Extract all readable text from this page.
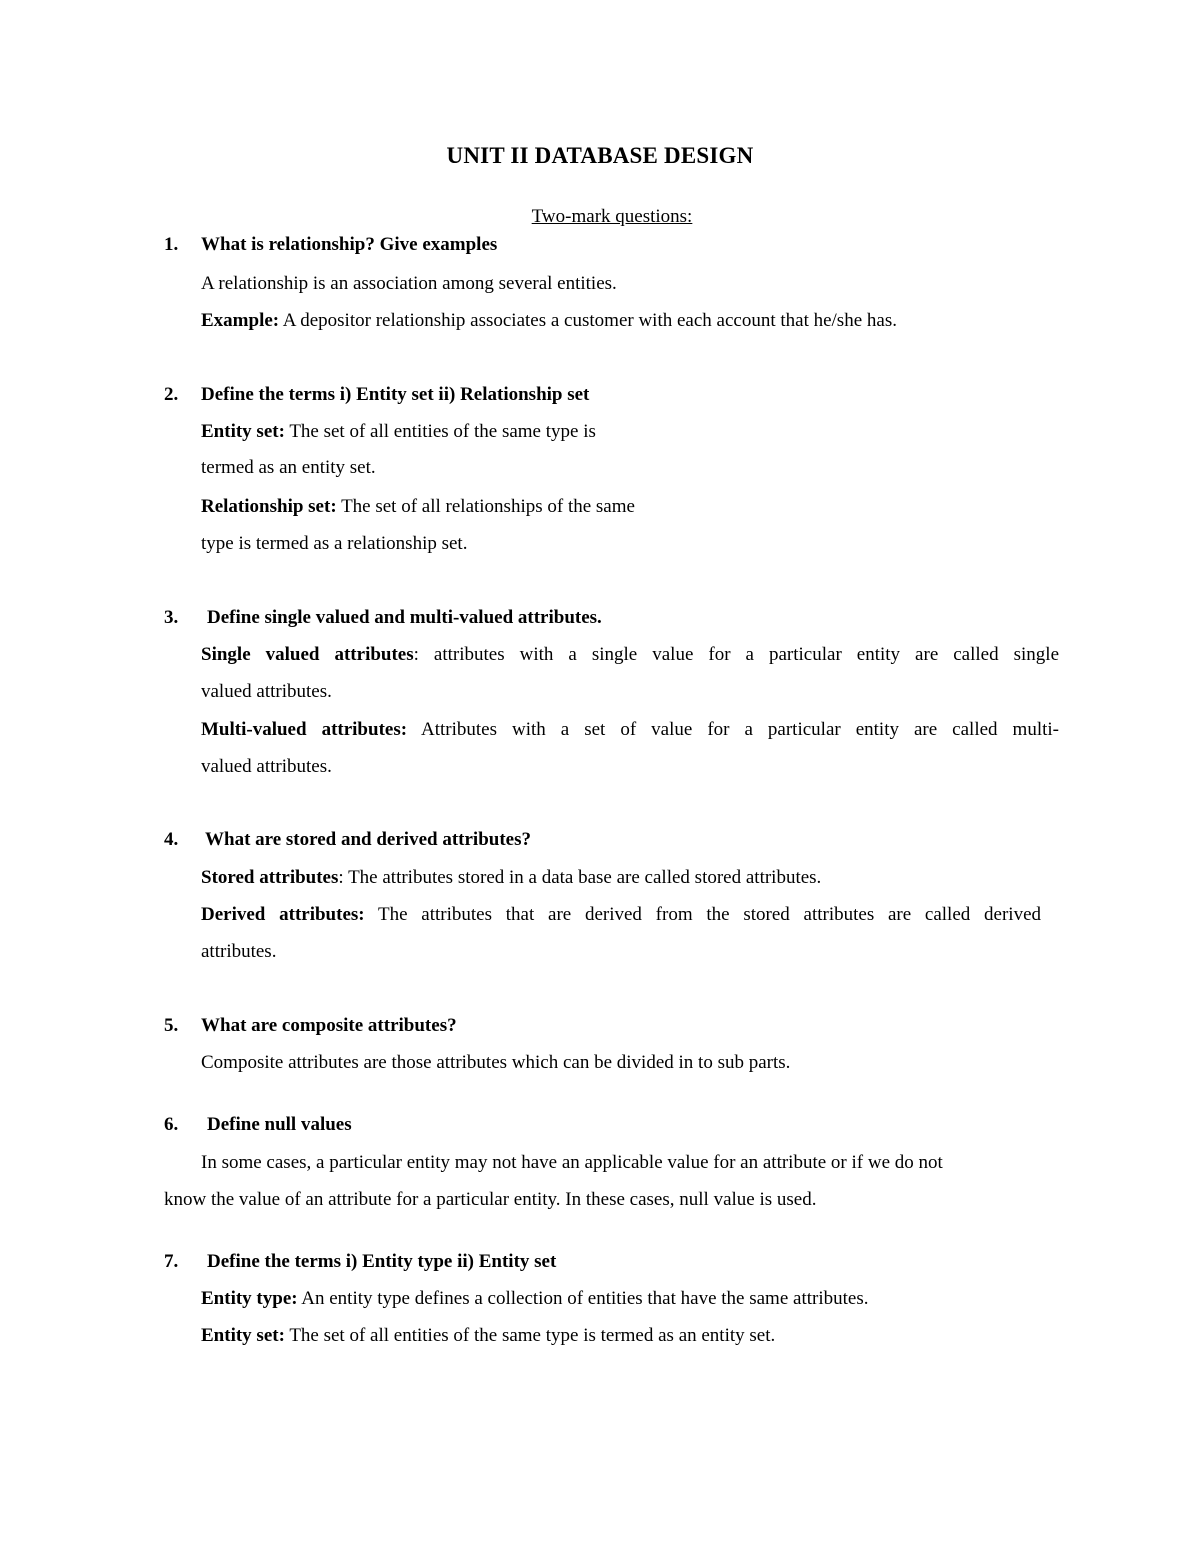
UNIT II DATABASE DESIGN
Two-mark questions:
1. What is relationship? Give examples
A relationship is an association among several entities.
Example: A depositor relationship associates a customer with each account that he/she has.
2. Define the terms i) Entity set ii) Relationship set
Entity set: The set of all entities of the same type is
termed as an entity set.
Relationship set: The set of all relationships of the same
type is termed as a relationship set.
3. Define single valued and multi-valued attributes.
Single valued attributes: attributes with a single value for a particular entity are called single
valued attributes.
Multi-valued attributes: Attributes with a set of value for a particular entity are called multi-
valued attributes.
4. What are stored and derived attributes?
Stored attributes: The attributes stored in a data base are called stored attributes.
Derived attributes: The attributes that are derived from the stored attributes are called derived
attributes.
5. What are composite attributes?
Composite attributes are those attributes which can be divided in to sub parts.
6. Define null values
In some cases, a particular entity may not have an applicable value for an attribute or if we do not
know the value of an attribute for a particular entity. In these cases, null value is used.
7. Define the terms i) Entity type ii) Entity set
Entity type: An entity type defines a collection of entities that have the same attributes.
Entity set: The set of all entities of the same type is termed as an entity set.
